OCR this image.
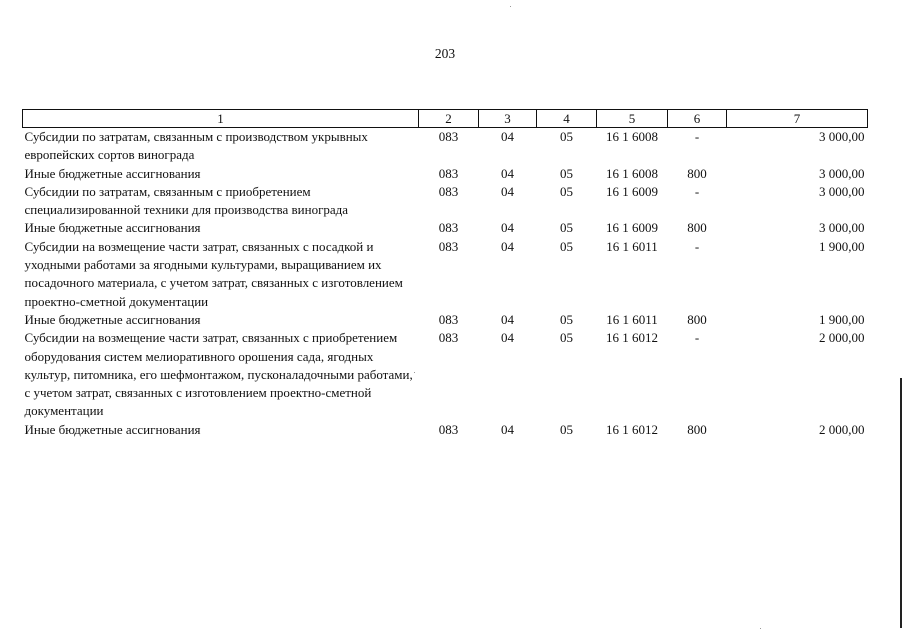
203
1	2	3	4	5	6	7
Субсидии по затратам, связанным с производством укрывных европейских сортов винограда	083	04	05	16 1 6008	-	3 000,00
Иные бюджетные ассигнования	083	04	05	16 1 6008	800	3 000,00
Субсидии по затратам, связанным с приобретением специализированной техники для производства винограда	083	04	05	16 1 6009	-	3 000,00
Иные бюджетные ассигнования	083	04	05	16 1 6009	800	3 000,00
Субсидии на возмещение части затрат, связанных с посадкой и уходными работами за ягодными культурами, выращиванием их посадочного материала, с учетом затрат, связанных с изготовлением проектно-сметной документации	083	04	05	16 1 6011	-	1 900,00
Иные бюджетные ассигнования	083	04	05	16 1 6011	800	1 900,00
Субсидии на возмещение части затрат, связанных с приобретением оборудования систем мелиоративного орошения сада, ягодных культур, питомника, его шефмонтажом, пусконаладочными работами, с учетом затрат, связанных с изготовлением проектно-сметной документации	083	04	05	16 1 6012	-	2 000,00
Иные бюджетные ассигнования	083	04	05	16 1 6012	800	2 000,00
